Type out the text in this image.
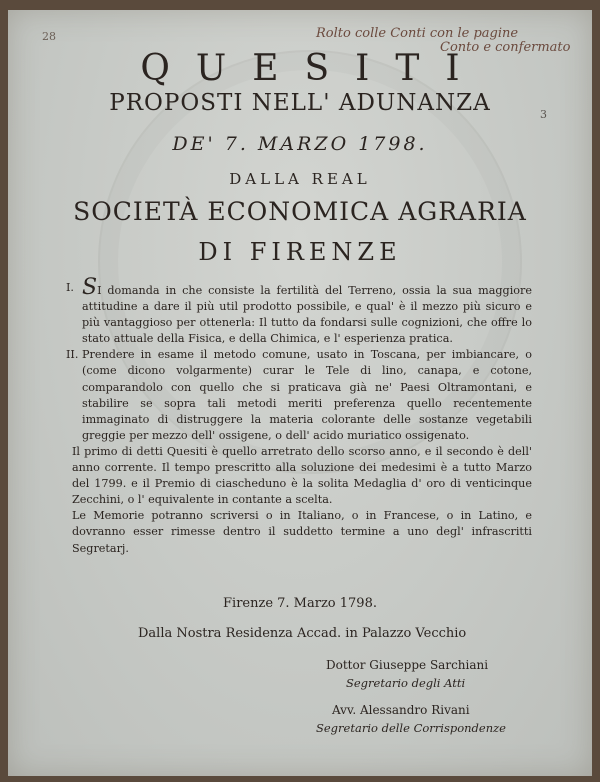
28	Rolto colle Conti con le pagine
Conto e confermato
3
QUESITI
PROPOSTI NELL' ADUNANZA
DE' 7. MARZO 1798.
DALLA REAL
SOCIETÀ ECONOMICA AGRARIA
DI FIRENZE
I. SI domanda in che consiste la fertilità del Terreno, ossia la sua maggiore attitudine a dare il più util prodotto possibile, e qual' è il mezzo più sicuro e più vantaggioso per ottenerla: Il tutto da fondarsi sulle cognizioni, che offre lo stato attuale della Fisica, e della Chimica, e l' esperienza pratica.
II. Prendere in esame il metodo comune, usato in Toscana, per imbiancare, o (come dicono volgarmente) curar le Tele di lino, canapa, e cotone, comparandolo con quello che si praticava già ne' Paesi Oltramontani, e stabilire se sopra tali metodi meriti preferenza quello recentemente immaginato di distruggere la materia colorante delle sostanze vegetabili greggie per mezzo dell' ossigene, o dell' acido muriatico ossigenato.
Il primo di detti Quesiti è quello arretrato dello scorso anno, e il secondo è dell' anno corrente. Il tempo prescritto alla soluzione dei medesimi è a tutto Marzo del 1799. e il Premio di ciascheduno è la solita Medaglia d' oro di venticinque Zecchini, o l' equivalente in contante a scelta.
Le Memorie potranno scriversi o in Italiano, o in Francese, o in Latino, e dovranno esser rimesse dentro il suddetto termine a uno degl' infrascritti Segretarj.
Firenze 7. Marzo 1798.
Dalla Nostra Residenza Accad. in Palazzo Vecchio
Dottor Giuseppe Sarchiani
Segretario degli Atti
Avv. Alessandro Rivani
Segretario delle Corrispondenze
